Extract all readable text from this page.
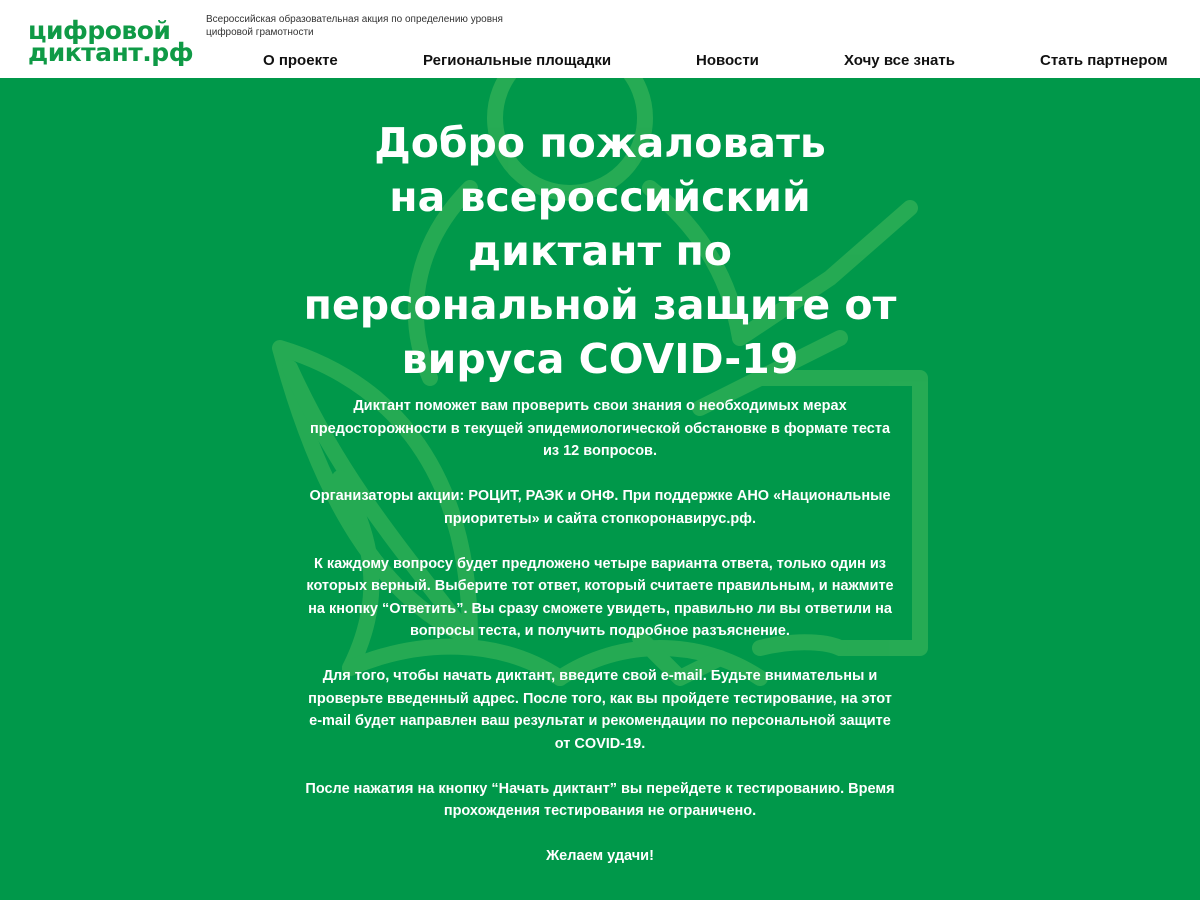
цифровой
диктант.рф
Всероссийская образовательная акция по определению уровня цифровой грамотности
О проекте	Региональные площадки	Новости	Хочу все знать	Стать партнером
Добро пожаловать
на всероссийский
диктант по
персональной защите от
вируса COVID-19

Диктант поможет вам проверить свои знания о необходимых мерах предосторожности в текущей эпидемиологической обстановке в формате теста из 12 вопросов.

Организаторы акции: РОЦИТ, РАЭК и ОНФ. При поддержке АНО «Национальные приоритеты» и сайта стопкоронавирус.рф.

К каждому вопросу будет предложено четыре варианта ответа, только один из которых верный. Выберите тот ответ, который считаете правильным, и нажмите на кнопку “Ответить”. Вы сразу сможете увидеть, правильно ли вы ответили на вопросы теста, и получить подробное разъяснение.

Для того, чтобы начать диктант, введите свой e-mail. Будьте внимательны и проверьте введенный адрес. После того, как вы пройдете тестирование, на этот e-mail будет направлен ваш результат и рекомендации по персональной защите от COVID-19.

После нажатия на кнопку “Начать диктант” вы перейдете к тестированию. Время прохождения тестирования не ограничено.

Желаем удачи!
